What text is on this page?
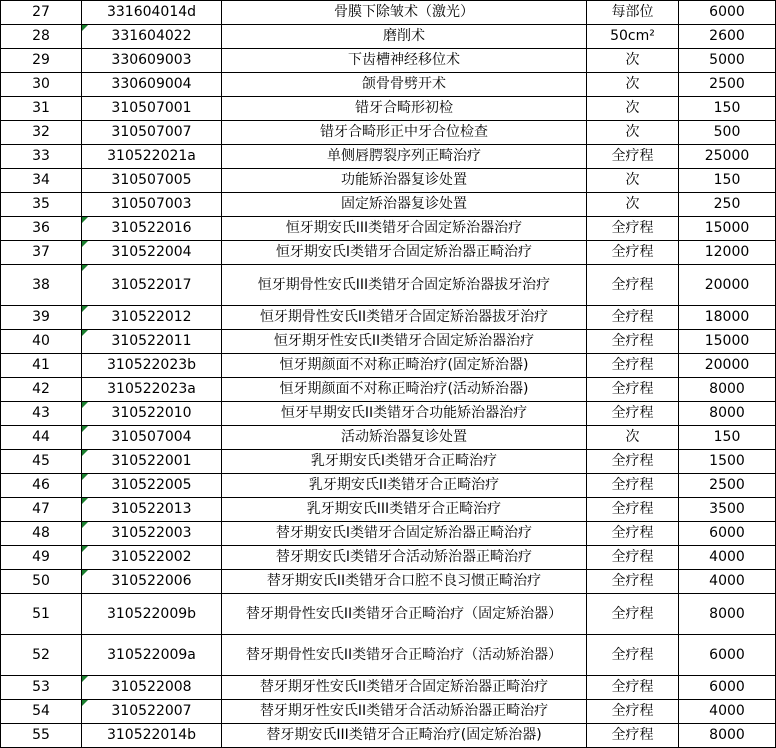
27	331604014d	骨膜下除皱术（激光）	每部位	6000
28	331604022	磨削术	50cm²	2600
29	330609003	下齿槽神经移位术	次	5000
30	330609004	颌骨骨劈开术	次	2500
31	310507001	错牙合畸形初检	次	150
32	310507007	错牙合畸形正中牙合位检查	次	500
33	310522021a	单侧唇腭裂序列正畸治疗	全疗程	25000
34	310507005	功能矫治器复诊处置	次	150
35	310507003	固定矫治器复诊处置	次	250
36	310522016	恒牙期安氏III类错牙合固定矫治器治疗	全疗程	15000
37	310522004	恒牙期安氏I类错牙合固定矫治器正畸治疗	全疗程	12000
38	310522017	恒牙期骨性安氏III类错牙合固定矫治器拔牙治疗	全疗程	20000
39	310522012	恒牙期骨性安氏II类错牙合固定矫治器拔牙治疗	全疗程	18000
40	310522011	恒牙期牙性安氏II类错牙合固定矫治器治疗	全疗程	15000
41	310522023b	恒牙期颜面不对称正畸治疗(固定矫治器)	全疗程	20000
42	310522023a	恒牙期颜面不对称正畸治疗(活动矫治器)	全疗程	8000
43	310522010	恒牙早期安氏II类错牙合功能矫治器治疗	全疗程	8000
44	310507004	活动矫治器复诊处置	次	150
45	310522001	乳牙期安氏I类错牙合正畸治疗	全疗程	1500
46	310522005	乳牙期安氏II类错牙合正畸治疗	全疗程	2500
47	310522013	乳牙期安氏III类错牙合正畸治疗	全疗程	3500
48	310522003	替牙期安氏I类错牙合固定矫治器正畸治疗	全疗程	6000
49	310522002	替牙期安氏I类错牙合活动矫治器正畸治疗	全疗程	4000
50	310522006	替牙期安氏II类错牙合口腔不良习惯正畸治疗	全疗程	4000
51	310522009b	替牙期骨性安氏II类错牙合正畸治疗（固定矫治器）	全疗程	8000
52	310522009a	替牙期骨性安氏II类错牙合正畸治疗（活动矫治器）	全疗程	6000
53	310522008	替牙期牙性安氏II类错牙合固定矫治器正畸治疗	全疗程	6000
54	310522007	替牙期牙性安氏II类错牙合活动矫治器正畸治疗	全疗程	4000
55	310522014b	替牙期安氏III类错牙合正畸治疗(固定矫治器)	全疗程	8000
